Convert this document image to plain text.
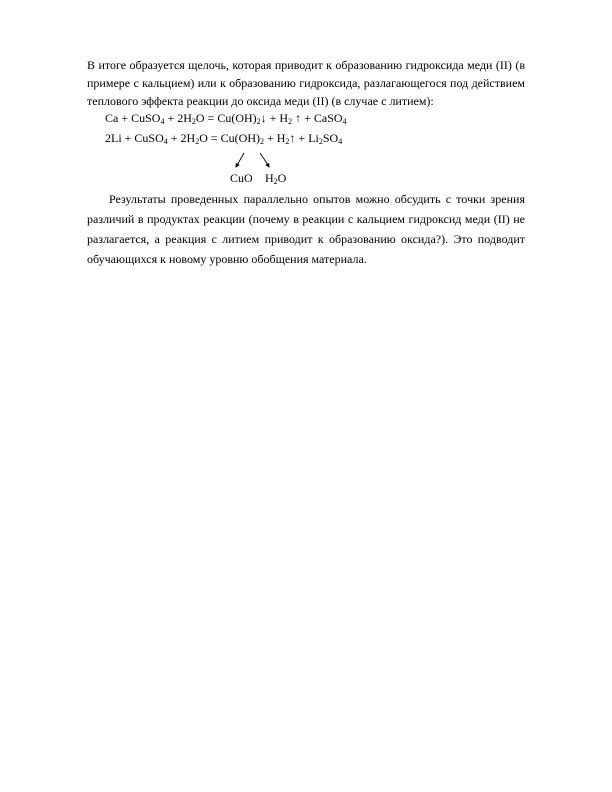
В итоге образуется щелочь, которая приводит к образованию гидроксида меди (II) (в примере с кальцием) или к образованию гидроксида, разлагающегося под действием теплового эффекта реакции до оксида меди (II) (в случае с литием):

Ca + CuSO$_4$ + $2H_2O$ = $Cu(OH)_2↓ + H_2$ ↑ + CaSO$_4$
2Li + CuSO$_4$ + $2H_2O = Cu(OH)_2$ + $H_2↑ + Li_2SO_4$
CuO $H_2O$

Результаты проведенных параллельно опытов можно обсудить с точки зрения различий в продуктах реакции (почему в реакции с кальцием гидроксид меди (II) не разлагается, а реакция с литием приводит к образованию оксида?). Это подводит обучающихся к новому уровню обобщения материала.
